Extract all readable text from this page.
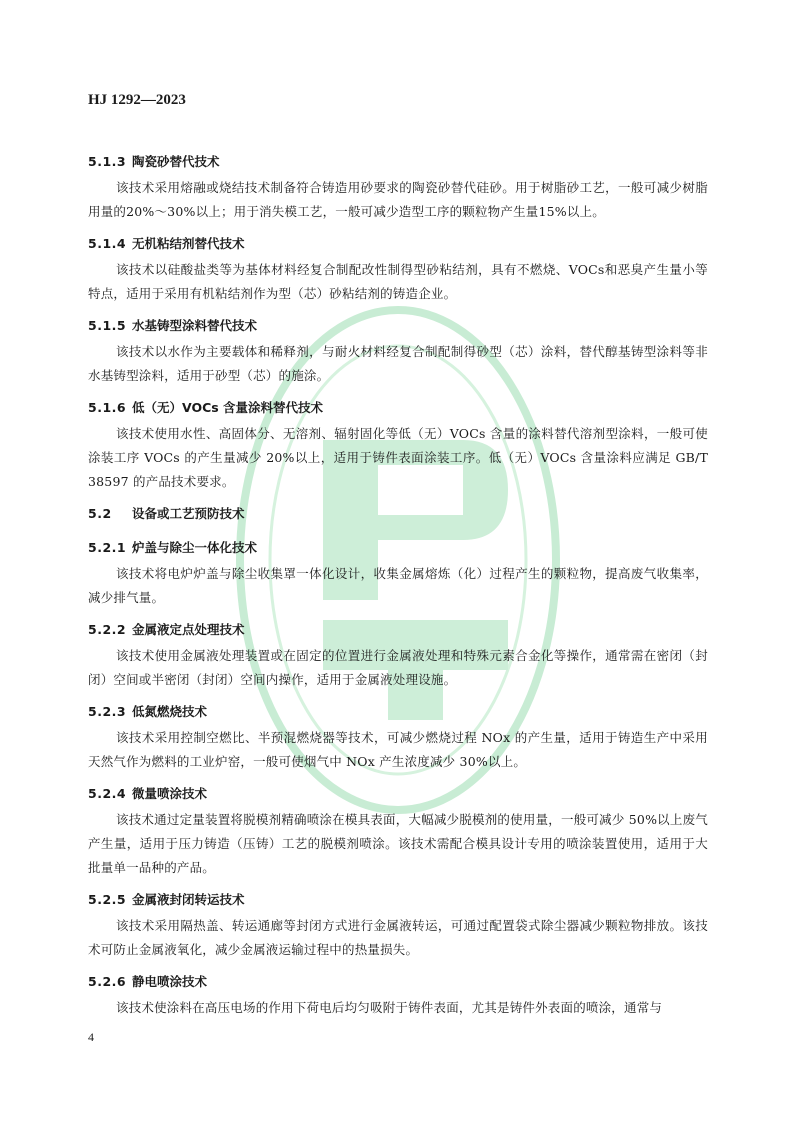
HJ 1292—2023
5.1.3 陶瓷砂替代技术

该技术采用熔融或烧结技术制备符合铸造用砂要求的陶瓷砂替代硅砂。用于树脂砂工艺，一般可减少树脂用量的20%～30%以上；用于消失模工艺，一般可减少造型工序的颗粒物产生量15%以上。

5.1.4 无机粘结剂替代技术

该技术以硅酸盐类等为基体材料经复合制配改性制得型砂粘结剂，具有不燃烧、VOCs和恶臭产生量小等特点，适用于采用有机粘结剂作为型（芯）砂粘结剂的铸造企业。

5.1.5 水基铸型涂料替代技术

该技术以水作为主要载体和稀释剂，与耐火材料经复合制配制得砂型（芯）涂料，替代醇基铸型涂料等非水基铸型涂料，适用于砂型（芯）的施涂。

5.1.6 低（无）VOCs 含量涂料替代技术

该技术使用水性、高固体分、无溶剂、辐射固化等低（无）VOCs 含量的涂料替代溶剂型涂料，一般可使涂装工序 VOCs 的产生量减少 20%以上，适用于铸件表面涂装工序。低（无）VOCs 含量涂料应满足 GB/T 38597 的产品技术要求。

5.2 设备或工艺预防技术
5.2.1 炉盖与除尘一体化技术

该技术将电炉炉盖与除尘收集罩一体化设计，收集金属熔炼（化）过程产生的颗粒物，提高废气收集率，减少排气量。

5.2.2 金属液定点处理技术

该技术使用金属液处理装置或在固定的位置进行金属液处理和特殊元素合金化等操作，通常需在密闭（封闭）空间或半密闭（封闭）空间内操作，适用于金属液处理设施。

5.2.3 低氮燃烧技术

该技术采用控制空燃比、半预混燃烧器等技术，可减少燃烧过程 NOx 的产生量，适用于铸造生产中采用天然气作为燃料的工业炉窑，一般可使烟气中 NOx 产生浓度减少 30%以上。

5.2.4 微量喷涂技术

该技术通过定量装置将脱模剂精确喷涂在模具表面，大幅减少脱模剂的使用量，一般可减少 50%以上废气产生量，适用于压力铸造（压铸）工艺的脱模剂喷涂。该技术需配合模具设计专用的喷涂装置使用，适用于大批量单一品种的产品。

5.2.5 金属液封闭转运技术

该技术采用隔热盖、转运通廊等封闭方式进行金属液转运，可通过配置袋式除尘器减少颗粒物排放。该技术可防止金属液氧化，减少金属液运输过程中的热量损失。

5.2.6 静电喷涂技术

该技术使涂料在高压电场的作用下荷电后均匀吸附于铸件表面，尤其是铸件外表面的喷涂，通常与

4
